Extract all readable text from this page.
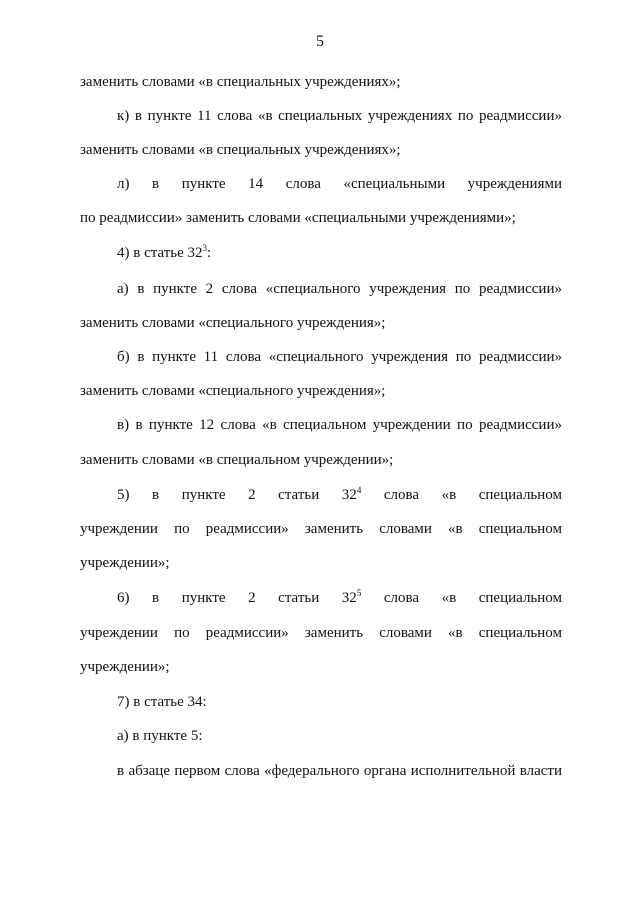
5
заменить словами «в специальных учреждениях»;
к) в пункте 11 слова «в специальных учреждениях по реадмиссии»
заменить словами «в специальных учреждениях»;
л) в пункте 14 слова «специальными учреждениями
по реадмиссии» заменить словами «специальными учреждениями»;
4) в статье $32^3$:
а) в пункте 2 слова «специального учреждения по реадмиссии»
заменить словами «специального учреждения»;
б) в пункте 11 слова «специального учреждения по реадмиссии»
заменить словами «специального учреждения»;
в) в пункте 12 слова «в специальном учреждении по реадмиссии»
заменить словами «в специальном учреждении»;
5) в пункте 2 статьи $32^4$ слова «в специальном
учреждении по реадмиссии» заменить словами «в специальном
учреждении»;
6) в пункте 2 статьи $32^5$ слова «в специальном
учреждении по реадмиссии» заменить словами «в специальном
учреждении»;
7) в статье 34:
а) в пункте 5:
в абзаце первом слова «федерального органа исполнительной власти
